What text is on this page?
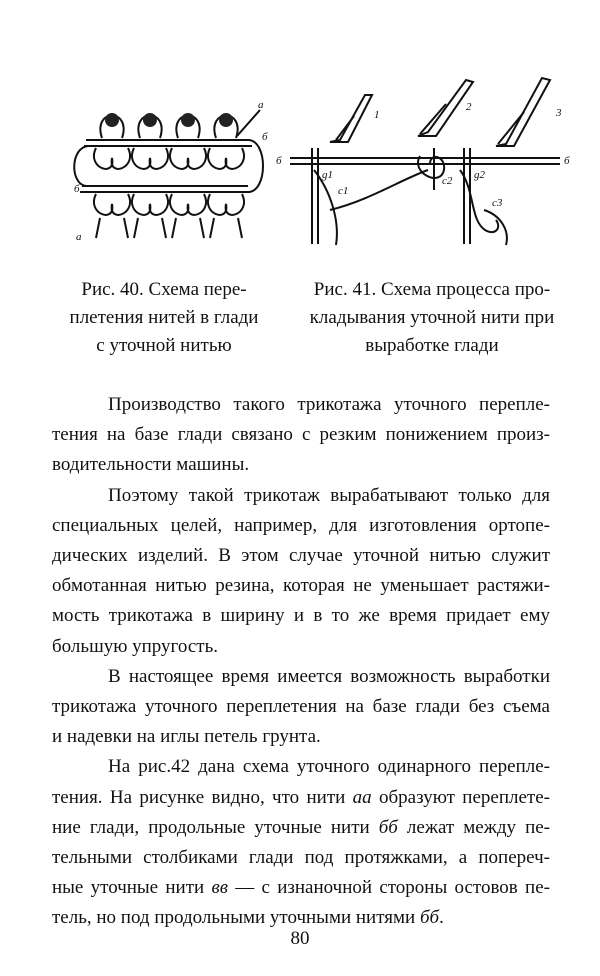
а
б
б
а
1
2	3
б	б
g1
c1
c2 g2
c3
Рис. 40. Схема пере-
плетения нитей в глади
с уточной нитью
Рис. 41. Схема процесса про-
кладывания уточной нити при
выработке глади
Производство такого трикотажа уточного перепле-
тения на базе глади связано с резким понижением произ-
водительности машины.
Поэтому такой трикотаж вырабатывают только для
специальных целей, например, для изготовления ортопе-
дических изделий. В этом случае уточной нитью служит
обмотанная нитью резина, которая не уменьшает растяжи-
мость трикотажа в ширину и в то же время придает ему
большую упругость.
В настоящее время имеется возможность выработки
трикотажа уточного переплетения на базе глади без съема
и надевки на иглы петель грунта.
На рис.42 дана схема уточного одинарного перепле-
тения. На рисунке видно, что нити аа образуют переплете-
ние глади, продольные уточные нити бб лежат между пе-
тельными столбиками глади под протяжками, а попереч-
ные уточные нити вв — с изнаночной стороны остовов пе-
тель, но под продольными уточными нитями бб.
80
